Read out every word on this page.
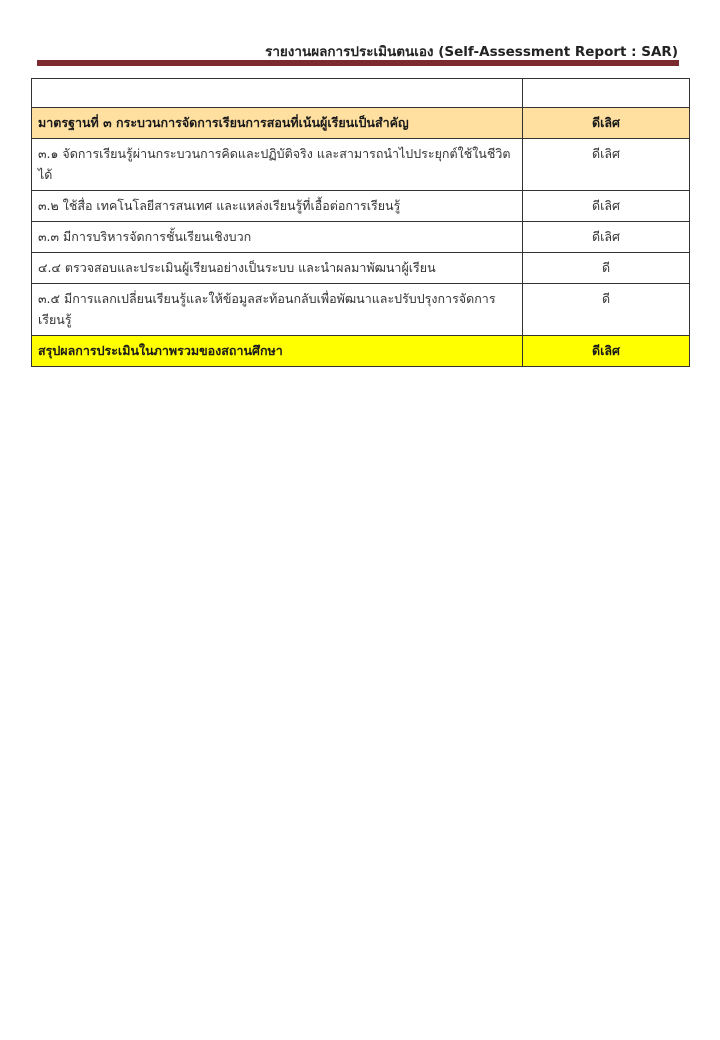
รายงานผลการประเมินตนเอง (Self-Assessment Report : SAR)

มาตรฐานที่ ๓ กระบวนการจัดการเรียนการสอนที่เน้นผู้เรียนเป็นสำคัญ	ดีเลิศ
๓.๑ จัดการเรียนรู้ผ่านกระบวนการคิดและปฏิบัติจริง และสามารถนำไปประยุกต์ใช้ในชีวิตได้	ดีเลิศ
๓.๒ ใช้สื่อ เทคโนโลยีสารสนเทศ และแหล่งเรียนรู้ที่เอื้อต่อการเรียนรู้	ดีเลิศ
๓.๓ มีการบริหารจัดการชั้นเรียนเชิงบวก	ดีเลิศ
๔.๔ ตรวจสอบและประเมินผู้เรียนอย่างเป็นระบบ และนำผลมาพัฒนาผู้เรียน	ดี
๓.๕ มีการแลกเปลี่ยนเรียนรู้และให้ข้อมูลสะท้อนกลับเพื่อพัฒนาและปรับปรุงการจัดการเรียนรู้	ดี
สรุปผลการประเมินในภาพรวมของสถานศึกษา	ดีเลิศ
